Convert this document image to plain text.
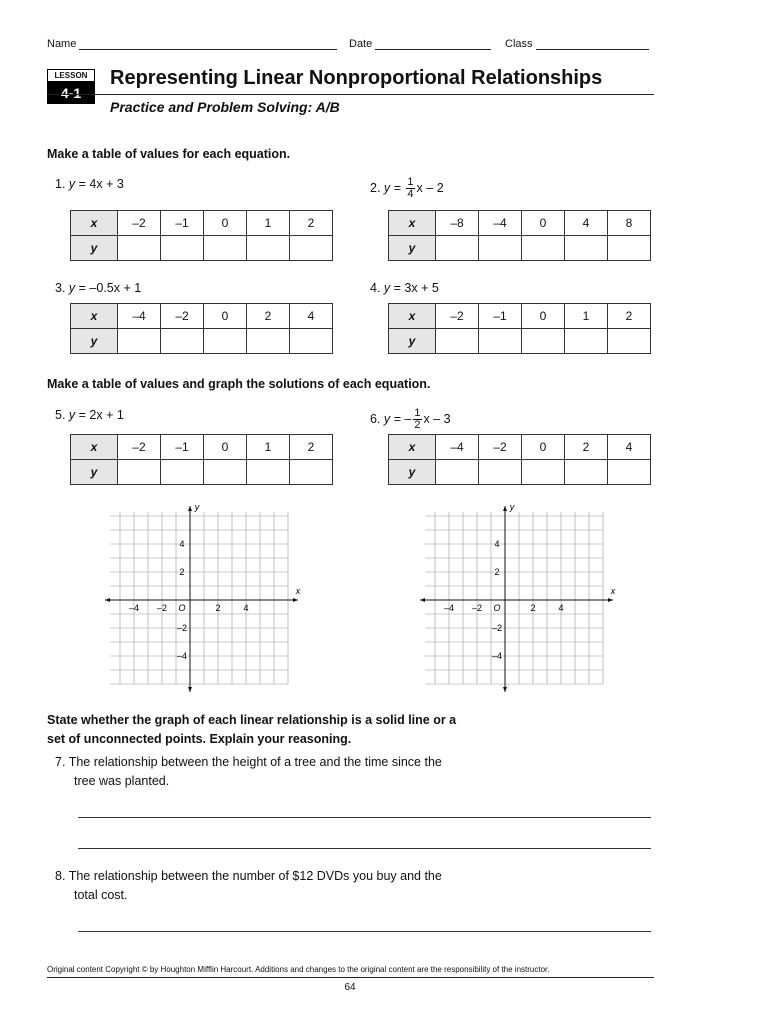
Name	Date	Class
LESSON
4-1
Representing Linear Nonproportional Relationships
Practice and Problem Solving: A/B
Make a table of values for each equation.
1. y = 4x + 3
x	–2	–1	0	1	2
y					
2. $y = \frac{1}{4}$ x – 2
x	–8	–4	0	4	8
y					
3. y = –0.5x + 1
x	–4	–2	0	2	4
y					
4. y = 3x + 5
x	–2	–1	0	1	2
y					
5. y = 2x + 1
x	–2	–1	0	1	2
y					
6. y = – $\frac{1}{2}$ x – 3
x	–4	–2	0	2	4
y					
Make a table of values and graph the solutions of each equation.
State whether the graph of each linear relationship is a solid line or a
set of unconnected points. Explain your reasoning.
7. The relationship between the height of a tree and the time since the
tree was planted.
8. The relationship between the number of $12 DVDs you buy and the
total cost.
Original content Copyright © by Houghton Mifflin Harcourt. Additions and changes to the original content are the responsibility of the instructor.
64
–4 –2	2	4
4
2
–2
–4
O
x
y
–4 –2	2	4
4
2
–2
–4
O
x
y
